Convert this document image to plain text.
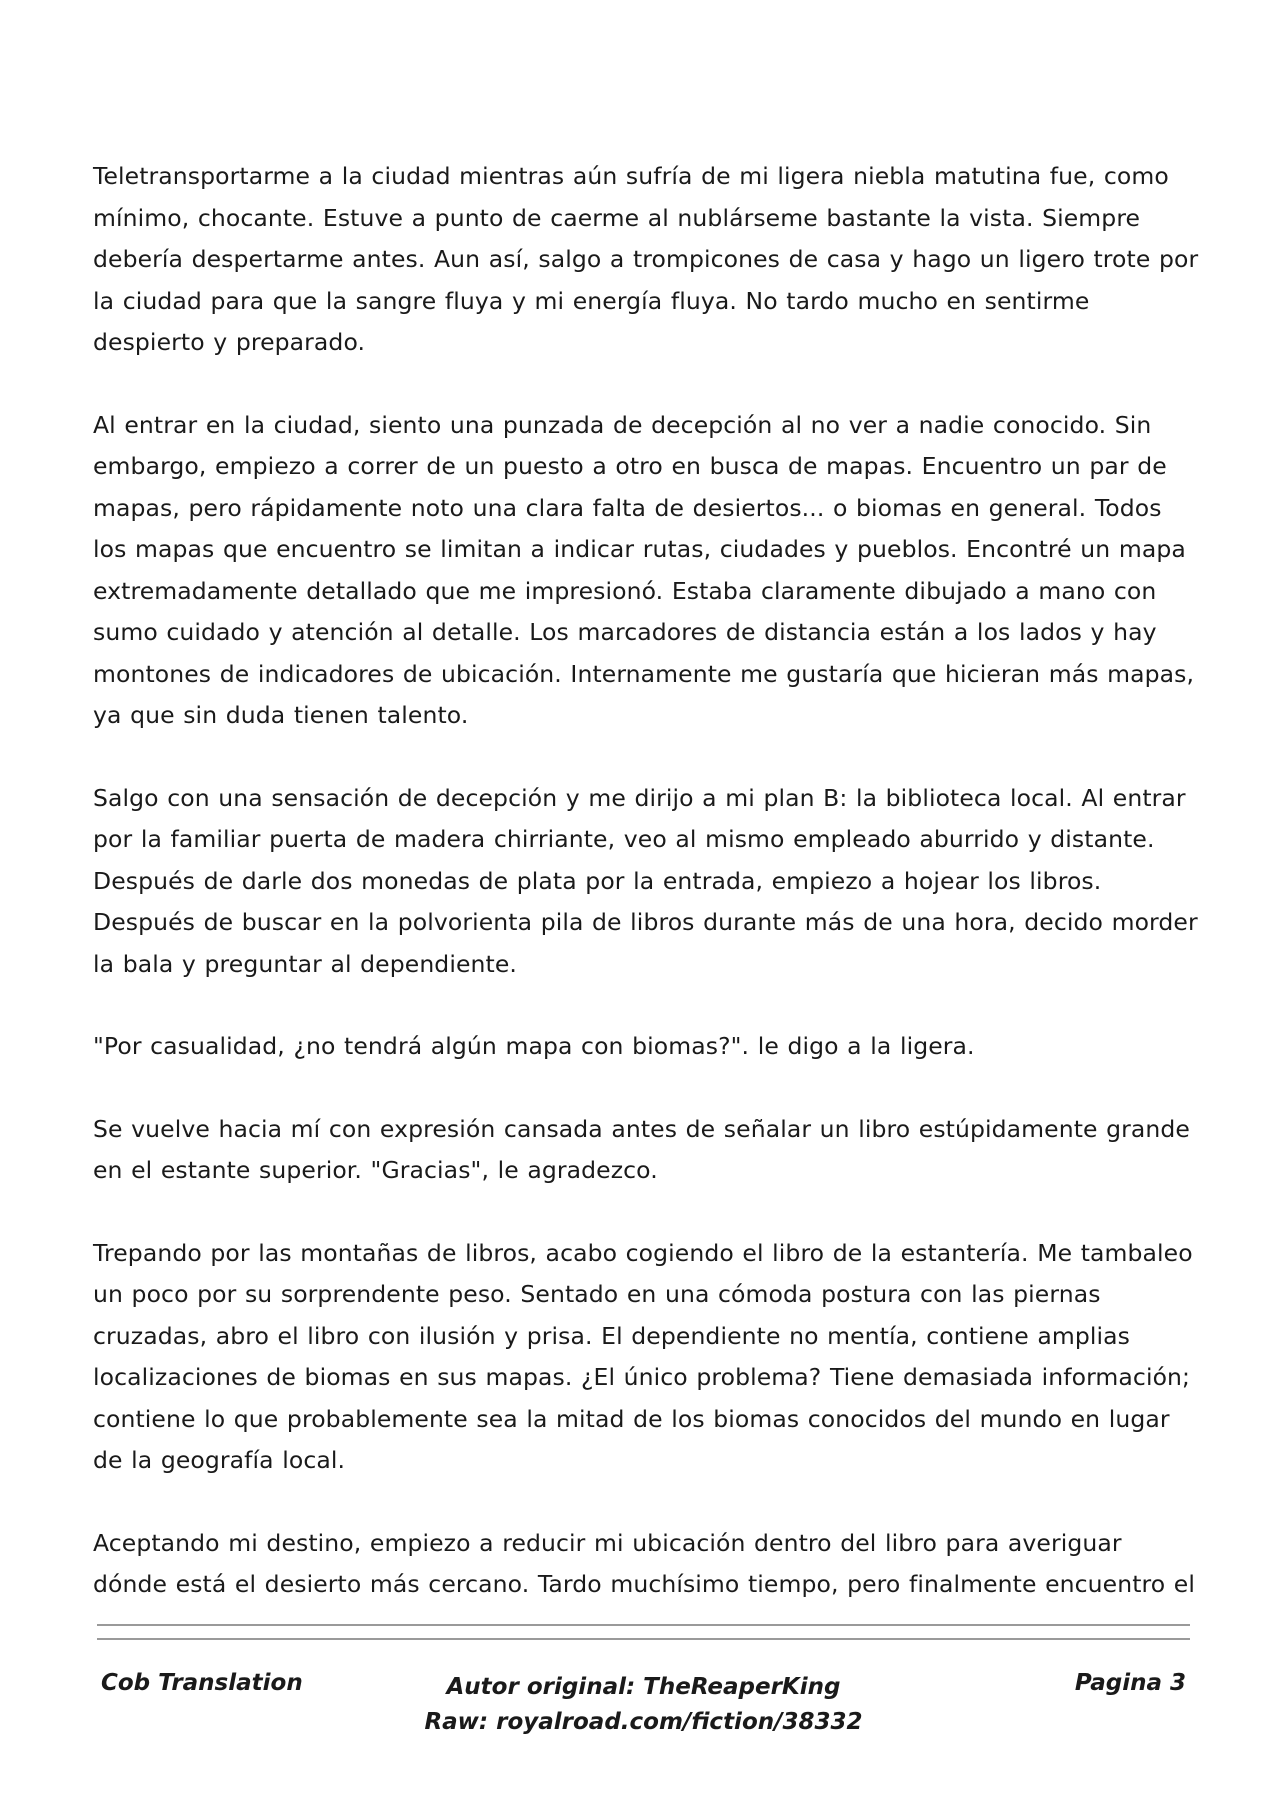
Teletransportarme a la ciudad mientras aún sufría de mi ligera niebla matutina fue, como mínimo, chocante. Estuve a punto de caerme al nublárseme bastante la vista. Siempre debería despertarme antes. Aun así, salgo a trompicones de casa y hago un ligero trote por la ciudad para que la sangre fluya y mi energía fluya. No tardo mucho en sentirme despierto y preparado.

Al entrar en la ciudad, siento una punzada de decepción al no ver a nadie conocido. Sin embargo, empiezo a correr de un puesto a otro en busca de mapas. Encuentro un par de mapas, pero rápidamente noto una clara falta de desiertos... o biomas en general. Todos los mapas que encuentro se limitan a indicar rutas, ciudades y pueblos. Encontré un mapa extremadamente detallado que me impresionó. Estaba claramente dibujado a mano con sumo cuidado y atención al detalle. Los marcadores de distancia están a los lados y hay montones de indicadores de ubicación. Internamente me gustaría que hicieran más mapas, ya que sin duda tienen talento.

Salgo con una sensación de decepción y me dirijo a mi plan B: la biblioteca local. Al entrar por la familiar puerta de madera chirriante, veo al mismo empleado aburrido y distante. Después de darle dos monedas de plata por la entrada, empiezo a hojear los libros. Después de buscar en la polvorienta pila de libros durante más de una hora, decido morder la bala y preguntar al dependiente.

"Por casualidad, ¿no tendrá algún mapa con biomas?". le digo a la ligera.

Se vuelve hacia mí con expresión cansada antes de señalar un libro estúpidamente grande en el estante superior. "Gracias", le agradezco.

Trepando por las montañas de libros, acabo cogiendo el libro de la estantería. Me tambaleo un poco por su sorprendente peso. Sentado en una cómoda postura con las piernas cruzadas, abro el libro con ilusión y prisa. El dependiente no mentía, contiene amplias localizaciones de biomas en sus mapas. ¿El único problema? Tiene demasiada información; contiene lo que probablemente sea la mitad de los biomas conocidos del mundo en lugar de la geografía local.

Aceptando mi destino, empiezo a reducir mi ubicación dentro del libro para averiguar dónde está el desierto más cercano. Tardo muchísimo tiempo, pero finalmente encuentro el

Cob Translation	Autor original: TheReaperKing
Raw: royalroad.com/fiction/38332
Pagina 3
